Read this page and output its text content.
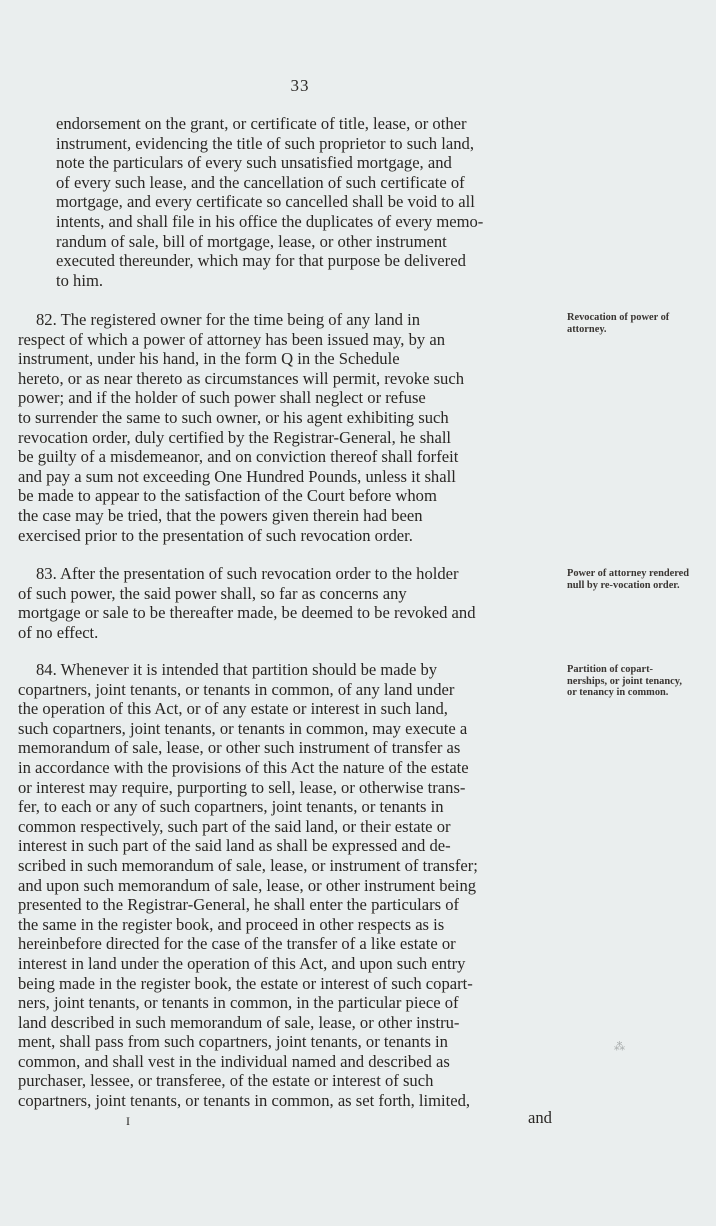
33
endorsement on the grant, or certificate of title, lease, or other
instrument, evidencing the title of such proprietor to such land,
note the particulars of every such unsatisfied mortgage, and
of every such lease, and the cancellation of such certificate of
mortgage, and every certificate so cancelled shall be void to all
intents, and shall file in his office the duplicates of every memo-
randum of sale, bill of mortgage, lease, or other instrument
executed thereunder, which may for that purpose be delivered
to him.
82. The registered owner for the time being of any land in
respect of which a power of attorney has been issued may, by an
instrument, under his hand, in the form Q in the Schedule
hereto, or as near thereto as circumstances will permit, revoke such
power; and if the holder of such power shall neglect or refuse
to surrender the same to such owner, or his agent exhibiting such
revocation order, duly certified by the Registrar-General, he shall
be guilty of a misdemeanor, and on conviction thereof shall forfeit
and pay a sum not exceeding One Hundred Pounds, unless it shall
be made to appear to the satisfaction of the Court before whom
the case may be tried, that the powers given therein had been
exercised prior to the presentation of such revocation order.
Revocation of power of attorney.
83. After the presentation of such revocation order to the holder
of such power, the said power shall, so far as concerns any
mortgage or sale to be thereafter made, be deemed to be revoked and
of no effect.
Power of attorney rendered null by re-vocation order.
84. Whenever it is intended that partition should be made by
copartners, joint tenants, or tenants in common, of any land under
the operation of this Act, or of any estate or interest in such land,
such copartners, joint tenants, or tenants in common, may execute a
memorandum of sale, lease, or other such instrument of transfer as
in accordance with the provisions of this Act the nature of the estate
or interest may require, purporting to sell, lease, or otherwise trans-
fer, to each or any of such copartners, joint tenants, or tenants in
common respectively, such part of the said land, or their estate or
interest in such part of the said land as shall be expressed and de-
scribed in such memorandum of sale, lease, or instrument of transfer;
and upon such memorandum of sale, lease, or other instrument being
presented to the Registrar-General, he shall enter the particulars of
the same in the register book, and proceed in other respects as is
hereinbefore directed for the case of the transfer of a like estate or
interest in land under the operation of this Act, and upon such entry
being made in the register book, the estate or interest of such copart-
ners, joint tenants, or tenants in common, in the particular piece of
land described in such memorandum of sale, lease, or other instru-
ment, shall pass from such copartners, joint tenants, or tenants in
common, and shall vest in the individual named and described as
purchaser, lessee, or transferee, of the estate or interest of such
copartners, joint tenants, or tenants in common, as set forth, limited,
Partition of copart-nerships, or joint tenancy, or tenancy in common.
I	and
⁂
